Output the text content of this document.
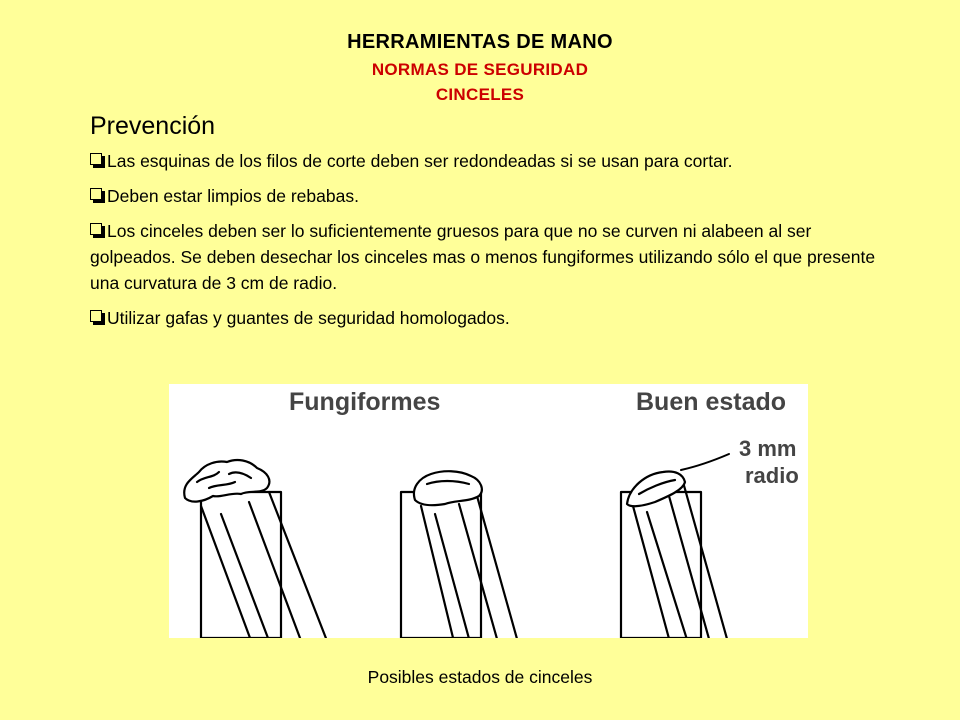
HERRAMIENTAS DE MANO
NORMAS DE SEGURIDAD
CINCELES
Prevención
Las esquinas de los filos de corte deben ser redondeadas si se usan para cortar.
Deben estar limpios de rebabas.
Los cinceles deben ser lo suficientemente gruesos para que no se curven ni alabeen al ser golpeados. Se deben desechar los cinceles mas o menos fungiformes utilizando sólo el que presente una curvatura de 3 cm de radio.
Utilizar gafas y guantes de seguridad homologados.
Fungiformes	Buen estado
3 mm
radio
Posibles estados de cinceles
